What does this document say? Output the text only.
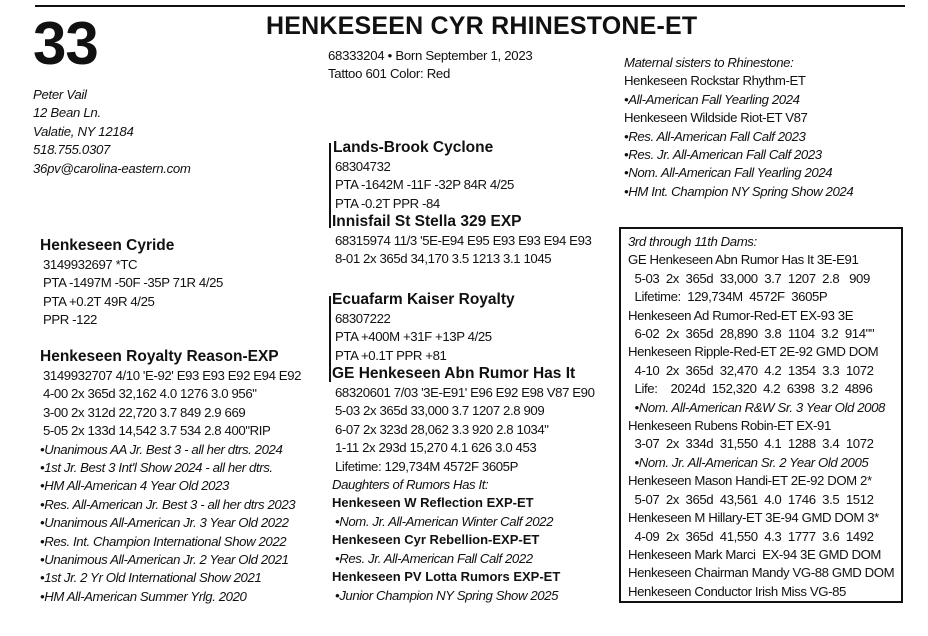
33	HENKESEEN CYR RHINESTONE-ET
68333204 • Born September 1, 2023
Tattoo 601 Color: Red
Peter Vail
12 Bean Ln.
Valatie, NY 12184
518.755.0307
36pv@carolina-eastern.com
Henkeseen Cyride
3149932697 *TC
PTA -1497M -50F -35P 71R 4/25
PTA +0.2T 49R 4/25
PPR -122
Lands-Brook Cyclone
68304732
PTA -1642M -11F -32P 84R 4/25
PTA -0.2T PPR -84
Innisfail St Stella 329 EXP
68315974 11/3 '5E-E94 E95 E93 E93 E94 E93
8-01 2x 365d 34,170 3.5 1213 3.1 1045
Henkeseen Royalty Reason-EXP
3149932707 4/10 'E-92' E93 E93 E92 E94 E92
4-00 2x 365d 32,162 4.0 1276 3.0 956"
3-00 2x 312d 22,720 3.7 849 2.9 669
5-05 2x 133d 14,542 3.7 534 2.8 400"RIP
•Unanimous AA Jr. Best 3 - all her dtrs. 2024
•1st Jr. Best 3 Int'l Show 2024 - all her dtrs.
•HM All-American 4 Year Old 2023
•Res. All-American Jr. Best 3 - all her dtrs 2023
•Unanimous All-American Jr. 3 Year Old 2022
•Res. Int. Champion International Show 2022
•Unanimous All-American Jr. 2 Year Old 2021
•1st Jr. 2 Yr Old International Show 2021
•HM All-American Summer Yrlg. 2020
Ecuafarm Kaiser Royalty
68307222
PTA +400M +31F +13P 4/25
PTA +0.1T PPR +81
GE Henkeseen Abn Rumor Has It
68320601 7/03 '3E-E91' E96 E92 E98 V87 E90
5-03 2x 365d 33,000 3.7 1207 2.8 909
6-07 2x 323d 28,062 3.3 920 2.8 1034"
1-11 2x 293d 15,270 4.1 626 3.0 453
Lifetime: 129,734M 4572F 3605P
Daughters of Rumors Has It:
Henkeseen W Reflection EXP-ET
•Nom. Jr. All-American Winter Calf 2022
Henkeseen Cyr Rebellion-EXP-ET
•Res. Jr. All-American Fall Calf 2022
Henkeseen PV Lotta Rumors EXP-ET
•Junior Champion NY Spring Show 2025
Maternal sisters to Rhinestone:
Henkeseen Rockstar Rhythm-ET
•All-American Fall Yearling 2024
Henkeseen Wildside Riot-ET V87
•Res. All-American Fall Calf 2023
•Res. Jr. All-American Fall Calf 2023
•Nom. All-American Fall Yearling 2024
•HM Int. Champion NY Spring Show 2024
3rd through 11th Dams:
GE Henkeseen Abn Rumor Has It 3E-E91
5-03  2x  365d  33,000  3.7  1207  2.8   909
Lifetime:  129,734M  4572F  3605P
Henkeseen Ad Rumor-Red-ET EX-93 3E
6-02  2x  365d  28,890  3.8  1104  3.2  914""
Henkeseen Ripple-Red-ET 2E-92 GMD DOM
4-10  2x  365d  32,470  4.2  1354  3.3  1072
Life:    2024d  152,320  4.2  6398  3.2  4896
•Nom. All-American R&W Sr. 3 Year Old 2008
Henkeseen Rubens Robin-ET EX-91
3-07  2x  334d  31,550  4.1  1288  3.4  1072
•Nom. Jr. All-American Sr. 2 Year Old 2005
Henkeseen Mason Handi-ET 2E-92 DOM 2*
5-07  2x  365d  43,561  4.0  1746  3.5  1512
Henkeseen M Hillary-ET 3E-94 GMD DOM 3*
4-09  2x  365d  41,550  4.3  1777  3.6  1492
Henkeseen Mark Marci  EX-94 3E GMD DOM
Henkeseen Chairman Mandy VG-88 GMD DOM
Henkeseen Conductor Irish Miss VG-85
